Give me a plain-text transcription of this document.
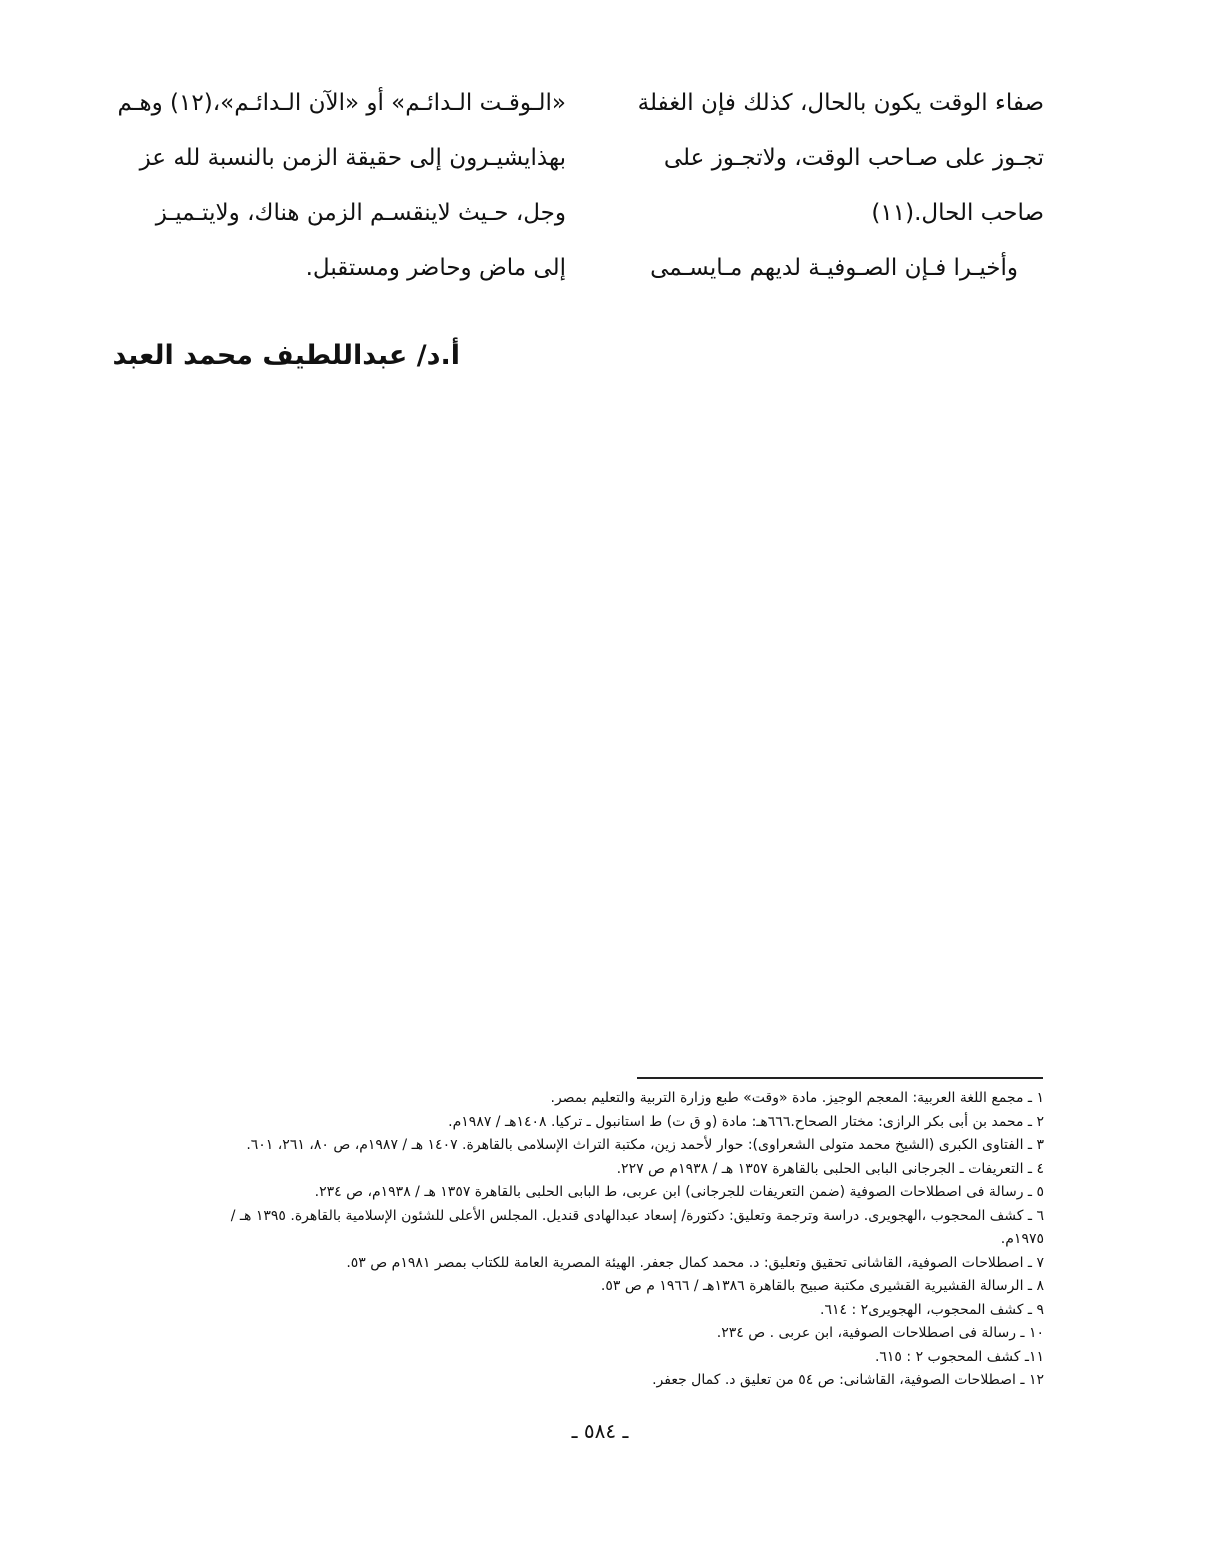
صفاء الوقت يكون بالحال، كذلك فإن الغفلة
تجـوز على صـاحب الوقت، ولاتجـوز على
صاحب الحال.(١١)
وأخيـرا فـإن الصـوفيـة لديهم مـايسـمى
«الـوقـت الـدائـم» أو «الآن الـدائـم»،(١٢) وهـم
بهذايشيـرون إلى حقيقة الزمن بالنسبة لله عز
وجل، حـيث لاينقسـم الزمن هناك، ولايتـميـز
إلى ماض وحاضر ومستقبل.
أ.د/ عبداللطيف محمد العبد
١ ـ مجمع اللغة العربية: المعجم الوجيز. مادة «وقت» طبع وزارة التربية والتعليم بمصر.
٢ ـ محمد بن أبى بكر الرازى: مختار الصحاح.٦٦٦هـ: مادة (و ق ت) ط استانبول ـ تركيا. ١٤٠٨هـ / ١٩٨٧م.
٣ ـ الفتاوى الكبرى (الشيخ محمد متولى الشعراوى): حوار لأحمد زين، مكتبة التراث الإسلامى بالقاهرة. ١٤٠٧ هـ / ١٩٨٧م، ص ٨٠، ٢٦١، ٦٠١.
٤ ـ التعريفات ـ الجرجانى البابى الحلبى بالقاهرة ١٣٥٧ هـ / ١٩٣٨م ص ٢٢٧.
٥ ـ رسالة فى اصطلاحات الصوفية (ضمن التعريفات للجرجانى) ابن عربى، ط البابى الحلبى بالقاهرة ١٣٥٧ هـ / ١٩٣٨م، ص ٢٣٤.
٦ ـ كشف المحجوب ،الهجويرى. دراسة وترجمة وتعليق: دكتورة/ إسعاد عبدالهادى قنديل. المجلس الأعلى للشئون الإسلامية بالقاهرة. ١٣٩٥ هـ /
١٩٧٥م.
٧ ـ اصطلاحات الصوفية، القاشانى تحقيق وتعليق: د. محمد كمال جعفر. الهيئة المصرية العامة للكتاب بمصر ١٩٨١م ص ٥٣.
٨ ـ الرسالة القشيرية القشيرى مكتبة صبيح بالقاهرة ١٣٨٦هـ / ١٩٦٦ م ص ٥٣.
٩ ـ كشف المحجوب، الهجويرى٢ : ٦١٤.
١٠ ـ رسالة فى اصطلاحات الصوفية، ابن عربى . ص ٢٣٤.
١١ـ كشف المحجوب ٢ : ٦١٥.
١٢ ـ اصطلاحات الصوفية، القاشانى: ص ٥٤ من تعليق د. كمال جعفر.
ـ ٥٨٤ ـ
